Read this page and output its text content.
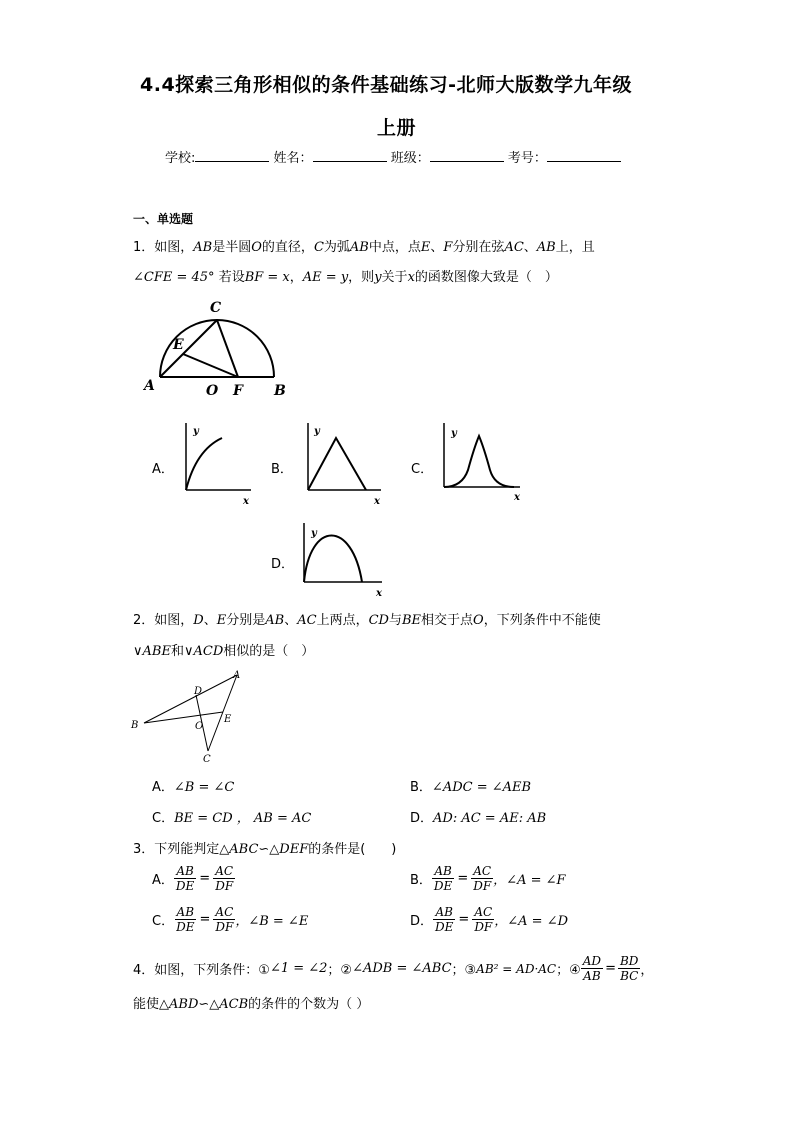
4.4探索三角形相似的条件基础练习-北师大版数学九年级
上册
学校:	姓名：	班级：	考号：
一、单选题
1．如图，AB是半圆O的直径，C为弧AB中点，点E、F分别在弦AC、AB上，且
∠CFE = 45° 若设BF = x，AE = y，则y关于x的函数图像大致是（　）
C
E
A	O F B
A．
y
x
B．
y
x
C．
y
x
D．
y
x
2．如图，D、E分别是AB、AC上两点，CD与BE相交于点O，下列条件中不能使
∨ABE和∨ACD相似的是（　）
A
D
B	O
E
C
A．∠B = ∠C	B．∠ADC = ∠AEB
C．BE = CD ， AB = AC	D．AD: AC = AE: AB
3．下列能判定△ABC∽△DEF的条件是(　　)
A． $\frac{AB}{DE} = \frac{AC}{DF}$	B． $\frac{AB}{DE} = \frac{AC}{DF}$ ，∠A = ∠F
C． $\frac{AB}{DE} = \frac{AC}{DF}$ ，∠B = ∠E	D． $\frac{AB}{DE} = \frac{AC}{DF}$ ，∠A = ∠D
4．如图，下列条件：① ∠1 = ∠2 ；② ∠ADB = ∠ABC ；③ AB² = AD·AC ；④ $\frac{AD}{AB} = \frac{BD}{BC}$ ，
能使△ABD∽△ACB的条件的个数为（ ）
